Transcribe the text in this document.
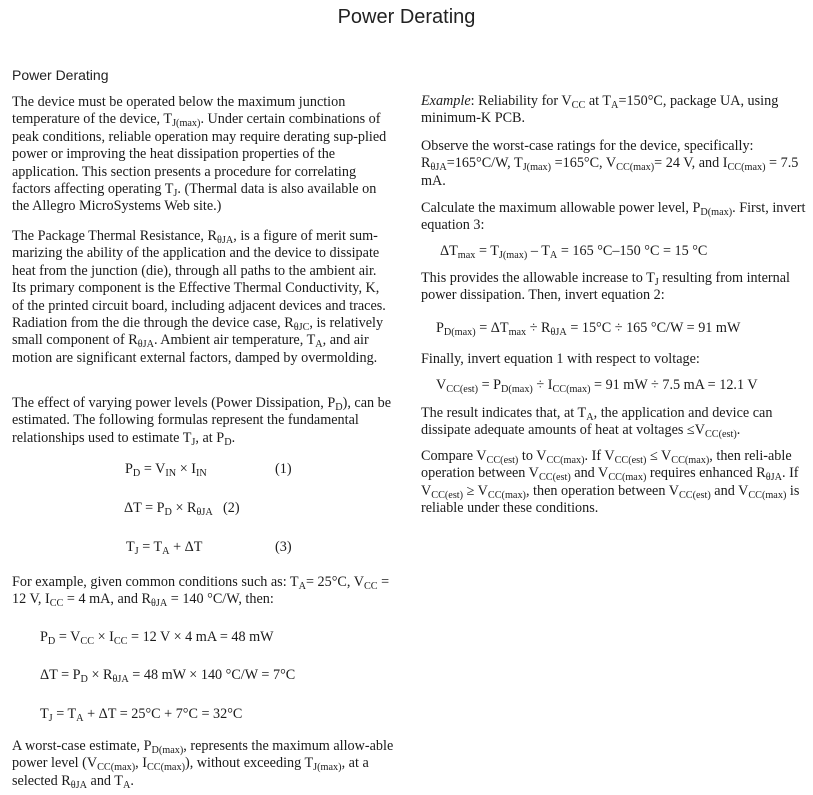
Power Derating
Power Derating

The device must be operated below the maximum junction temperature of the device, $T_{J(max)}$. Under certain combinations of peak conditions, reliable operation may require derating sup-plied power or improving the heat dissipation properties of the application. This section presents a procedure for correlating factors affecting operating $T_J$. (Thermal data is also available on the Allegro MicroSystems Web site.)

The Package Thermal Resistance, $R_{\theta JA}$, is a figure of merit sum-marizing the ability of the application and the device to dissipate heat from the junction (die), through all paths to the ambient air. Its primary component is the Effective Thermal Conductivity, K, of the printed circuit board, including adjacent devices and traces. Radiation from the die through the device case, $R_{\theta JC}$, is relatively small component of $R_{\theta JA}$. Ambient air temperature, $T_A$, and air motion are significant external factors, damped by overmolding.

The effect of varying power levels (Power Dissipation, $P_D$), can be estimated. The following formulas represent the fundamental relationships used to estimate $T_J$, at $P_D$.

$P_D = V_{IN} \times I_{IN}$	(1)
$\Delta T = P_D \times R_{\theta JA}$ (2)
$T_J = T_A + \Delta T$	(3)

For example, given common conditions such as: $T_A= 25^\circ C$, $V_{CC} = 12$ V, $I_{CC} = 4$ mA, and $R_{\theta JA} = 140$ °C/W, then:

$P_D = V_{CC} \times I_{CC} = 12$ V × 4 mA = 48 mW
$\Delta T = P_D \times R_{\theta JA} = 48$ mW × 140 °C/W = 7°C
$T_J = T_A + \Delta T = 25^\circ C + 7^\circ C = 32^\circ C$

A worst-case estimate, $P_{D(max)}$, represents the maximum allow-able power level ($V_{CC(max)}$, $I_{CC(max)}$), without exceeding $T_{J(max)}$, at a selected $R_{\theta JA}$ and $T_A$.

Example: Reliability for $V_{CC}$ at $T_A=150^\circ C$, package UA, using minimum-K PCB.

Observe the worst-case ratings for the device, specifically: $R_{\theta JA}=165^\circ C/W$, $T_{J(max)} =165^\circ C$, $V_{CC(max)}= 24$ V, and $I_{CC(max)} = 7.5$ mA.

Calculate the maximum allowable power level, $P_{D(max)}$. First, invert equation 3:

$\Delta T_{max} = T_{J(max)} - T_A = 165$ °C–150 °C = 15 °C

This provides the allowable increase to $T_J$ resulting from internal power dissipation. Then, invert equation 2:

$P_{D(max)} = \Delta T_{max} \div R_{\theta JA} = 15^\circ C \div 165$ °C/W = 91 mW

Finally, invert equation 1 with respect to voltage:

$V_{CC(est)} = P_{D(max)} \div I_{CC(max)} = 91$ mW ÷ 7.5 mA = 12.1 V

The result indicates that, at $T_A$, the application and device can dissipate adequate amounts of heat at voltages $\le V_{CC(est)}$.

Compare $V_{CC(est)}$ to $V_{CC(max)}$. If $V_{CC(est)} \le V_{CC(max)}$, then reli-able operation between $V_{CC(est)}$ and $V_{CC(max)}$ requires enhanced $R_{\theta JA}$. If $V_{CC(est)} \ge V_{CC(max)}$, then operation between $V_{CC(est)}$ and $V_{CC(max)}$ is reliable under these conditions.
